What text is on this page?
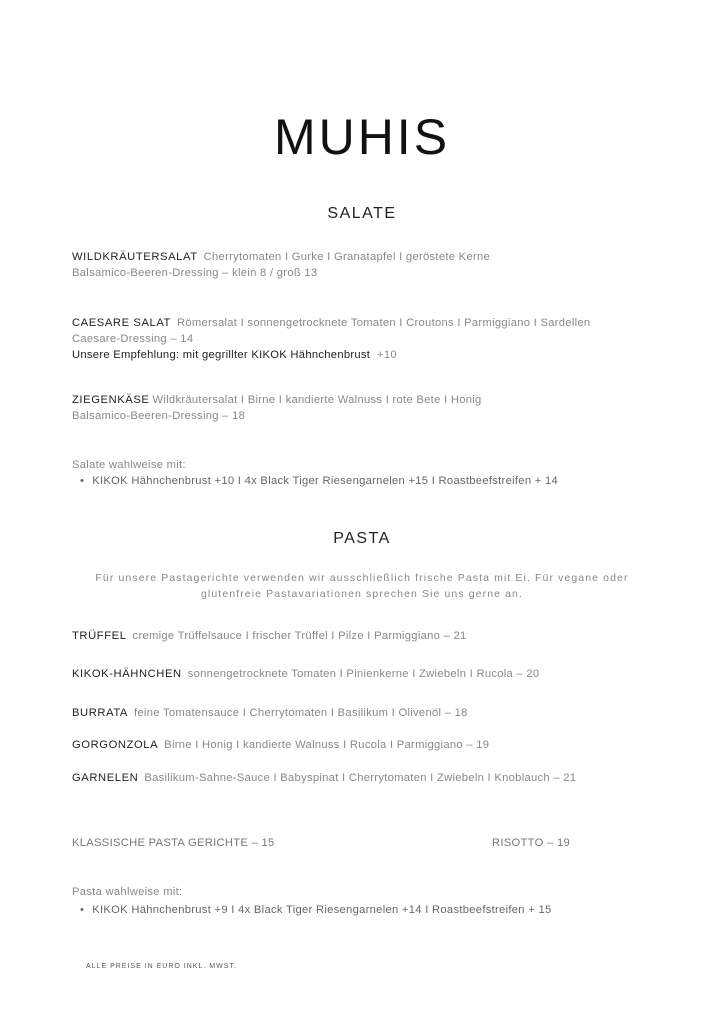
MUHIS
SALATE
WILDKRÄUTERSALAT Cherrytomaten I Gurke I Granatapfel I geröstete Kerne
Balsamico-Beeren-Dressing – klein 8 / groß 13
CAESARE SALAT Römersalat I sonnengetrocknete Tomaten I Croutons I Parmiggiano I Sardellen
Caesare-Dressing – 14
Unsere Empfehlung: mit gegrillter KIKOK Hähnchenbrust +10
ZIEGENKÄSE Wildkräutersalat I Birne I kandierte Walnuss I rote Bete I Honig
Balsamico-Beeren-Dressing – 18
Salate wahlweise mit:
• KIKOK Hähnchenbrust +10 I 4x Black Tiger Riesengarnelen +15 I Roastbeefstreifen + 14
PASTA
Für unsere Pastagerichte verwenden wir ausschließlich frische Pasta mit Ei. Für vegane oder
glutenfreie Pastavariationen sprechen Sie uns gerne an.
TRÜFFEL cremige Trüffelsauce I frischer Trüffel I Pilze I Parmiggiano – 21
KIKOK-HÄHNCHEN sonnengetrocknete Tomaten I Pinienkerne I Zwiebeln I Rucola – 20
BURRATA feine Tomatensauce I Cherrytomaten I Basilikum I Olivenöl – 18
GORGONZOLA Birne I Honig I kandierte Walnuss I Rucola I Parmiggiano – 19
GARNELEN Basilikum-Sahne-Sauce I Babyspinat I Cherrytomaten I Zwiebeln I Knoblauch – 21
KLASSISCHE PASTA GERICHTE – 15	RISOTTO – 19
Pasta wahlweise mit:
• KIKOK Hähnchenbrust +9 I 4x Black Tiger Riesengarnelen +14 I Roastbeefstreifen + 15
ALLE PREISE IN EURO INKL. MWST.
